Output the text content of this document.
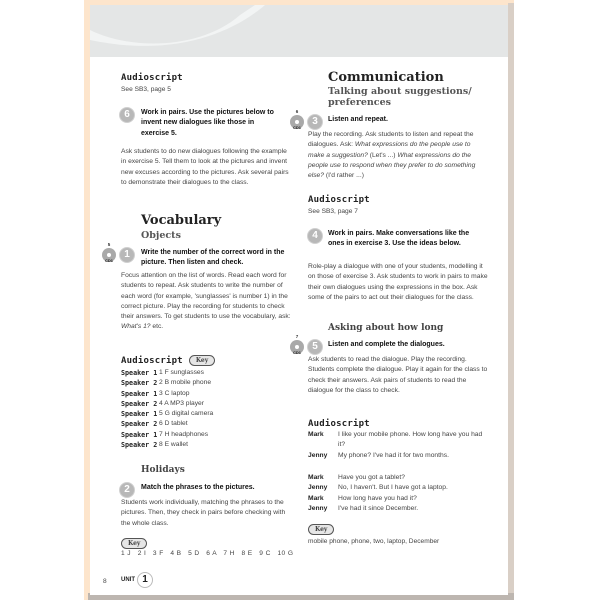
Audioscript
See SB3, page 5
6	Work in pairs. Use the pictures below to invent new dialogues like those in exercise 5.
Ask students to do new dialogues following the example in exercise 5. Tell them to look at the pictures and invent new excuses according to the pictures. Ask several pairs to demonstrate their dialogues to the class.
Vocabulary
Objects
5
CD1
1	Write the number of the correct word in the picture. Then listen and check.
Focus attention on the list of words. Read each word for students to repeat. Ask students to write the number of each word (for example, 'sunglasses' is number 1) in the correct picture. Play the recording for students to check their answers. To get students to use the vocabulary, ask: What's 1? etc.
Audioscript	Key
Speaker 1 1 F sunglasses
Speaker 2 2 B mobile phone
Speaker 1 3 C laptop
Speaker 2 4 A MP3 player
Speaker 1 5 G digital camera
Speaker 2 6 D tablet
Speaker 1 7 H headphones
Speaker 2 8 E wallet
Holidays
2	Match the phrases to the pictures.
Students work individually, matching the phrases to the pictures. Then, they check in pairs before checking with the whole class.
Key
1 J   2 I   3 F   4 B   5 D   6 A   7 H   8 E   9 C   10 G
Communication
Talking about suggestions/ preferences
6
CD1
3	Listen and repeat.
Play the recording. Ask students to listen and repeat the dialogues. Ask: What expressions do the people use to make a suggestion? (Let's ...) What expressions do the people use to respond when they prefer to do something else? (I'd rather ...)
Audioscript
See SB3, page 7
4	Work in pairs. Make conversations like the ones in exercise 3. Use the ideas below.
Role-play a dialogue with one of your students, modelling it on those of exercise 3. Ask students to work in pairs to make their own dialogues using the expressions in the box. Ask some of the pairs to act out their dialogues for the class.
Asking about how long
7
CD1
5	Listen and complete the dialogues.
Ask students to read the dialogue. Play the recording. Students complete the dialogue. Play it again for the class to check their answers. Ask pairs of students to read the dialogue for the class to check.
Audioscript
Mark	I like your mobile phone. How long have you had it?
Jenny	My phone? I've had it for two months.
Mark	Have you got a tablet?
Jenny	No, I haven't. But I have got a laptop.
Mark	How long have you had it?
Jenny	I've had it since December.
Key
mobile phone, phone, two, laptop, December
8 UNIT 1
